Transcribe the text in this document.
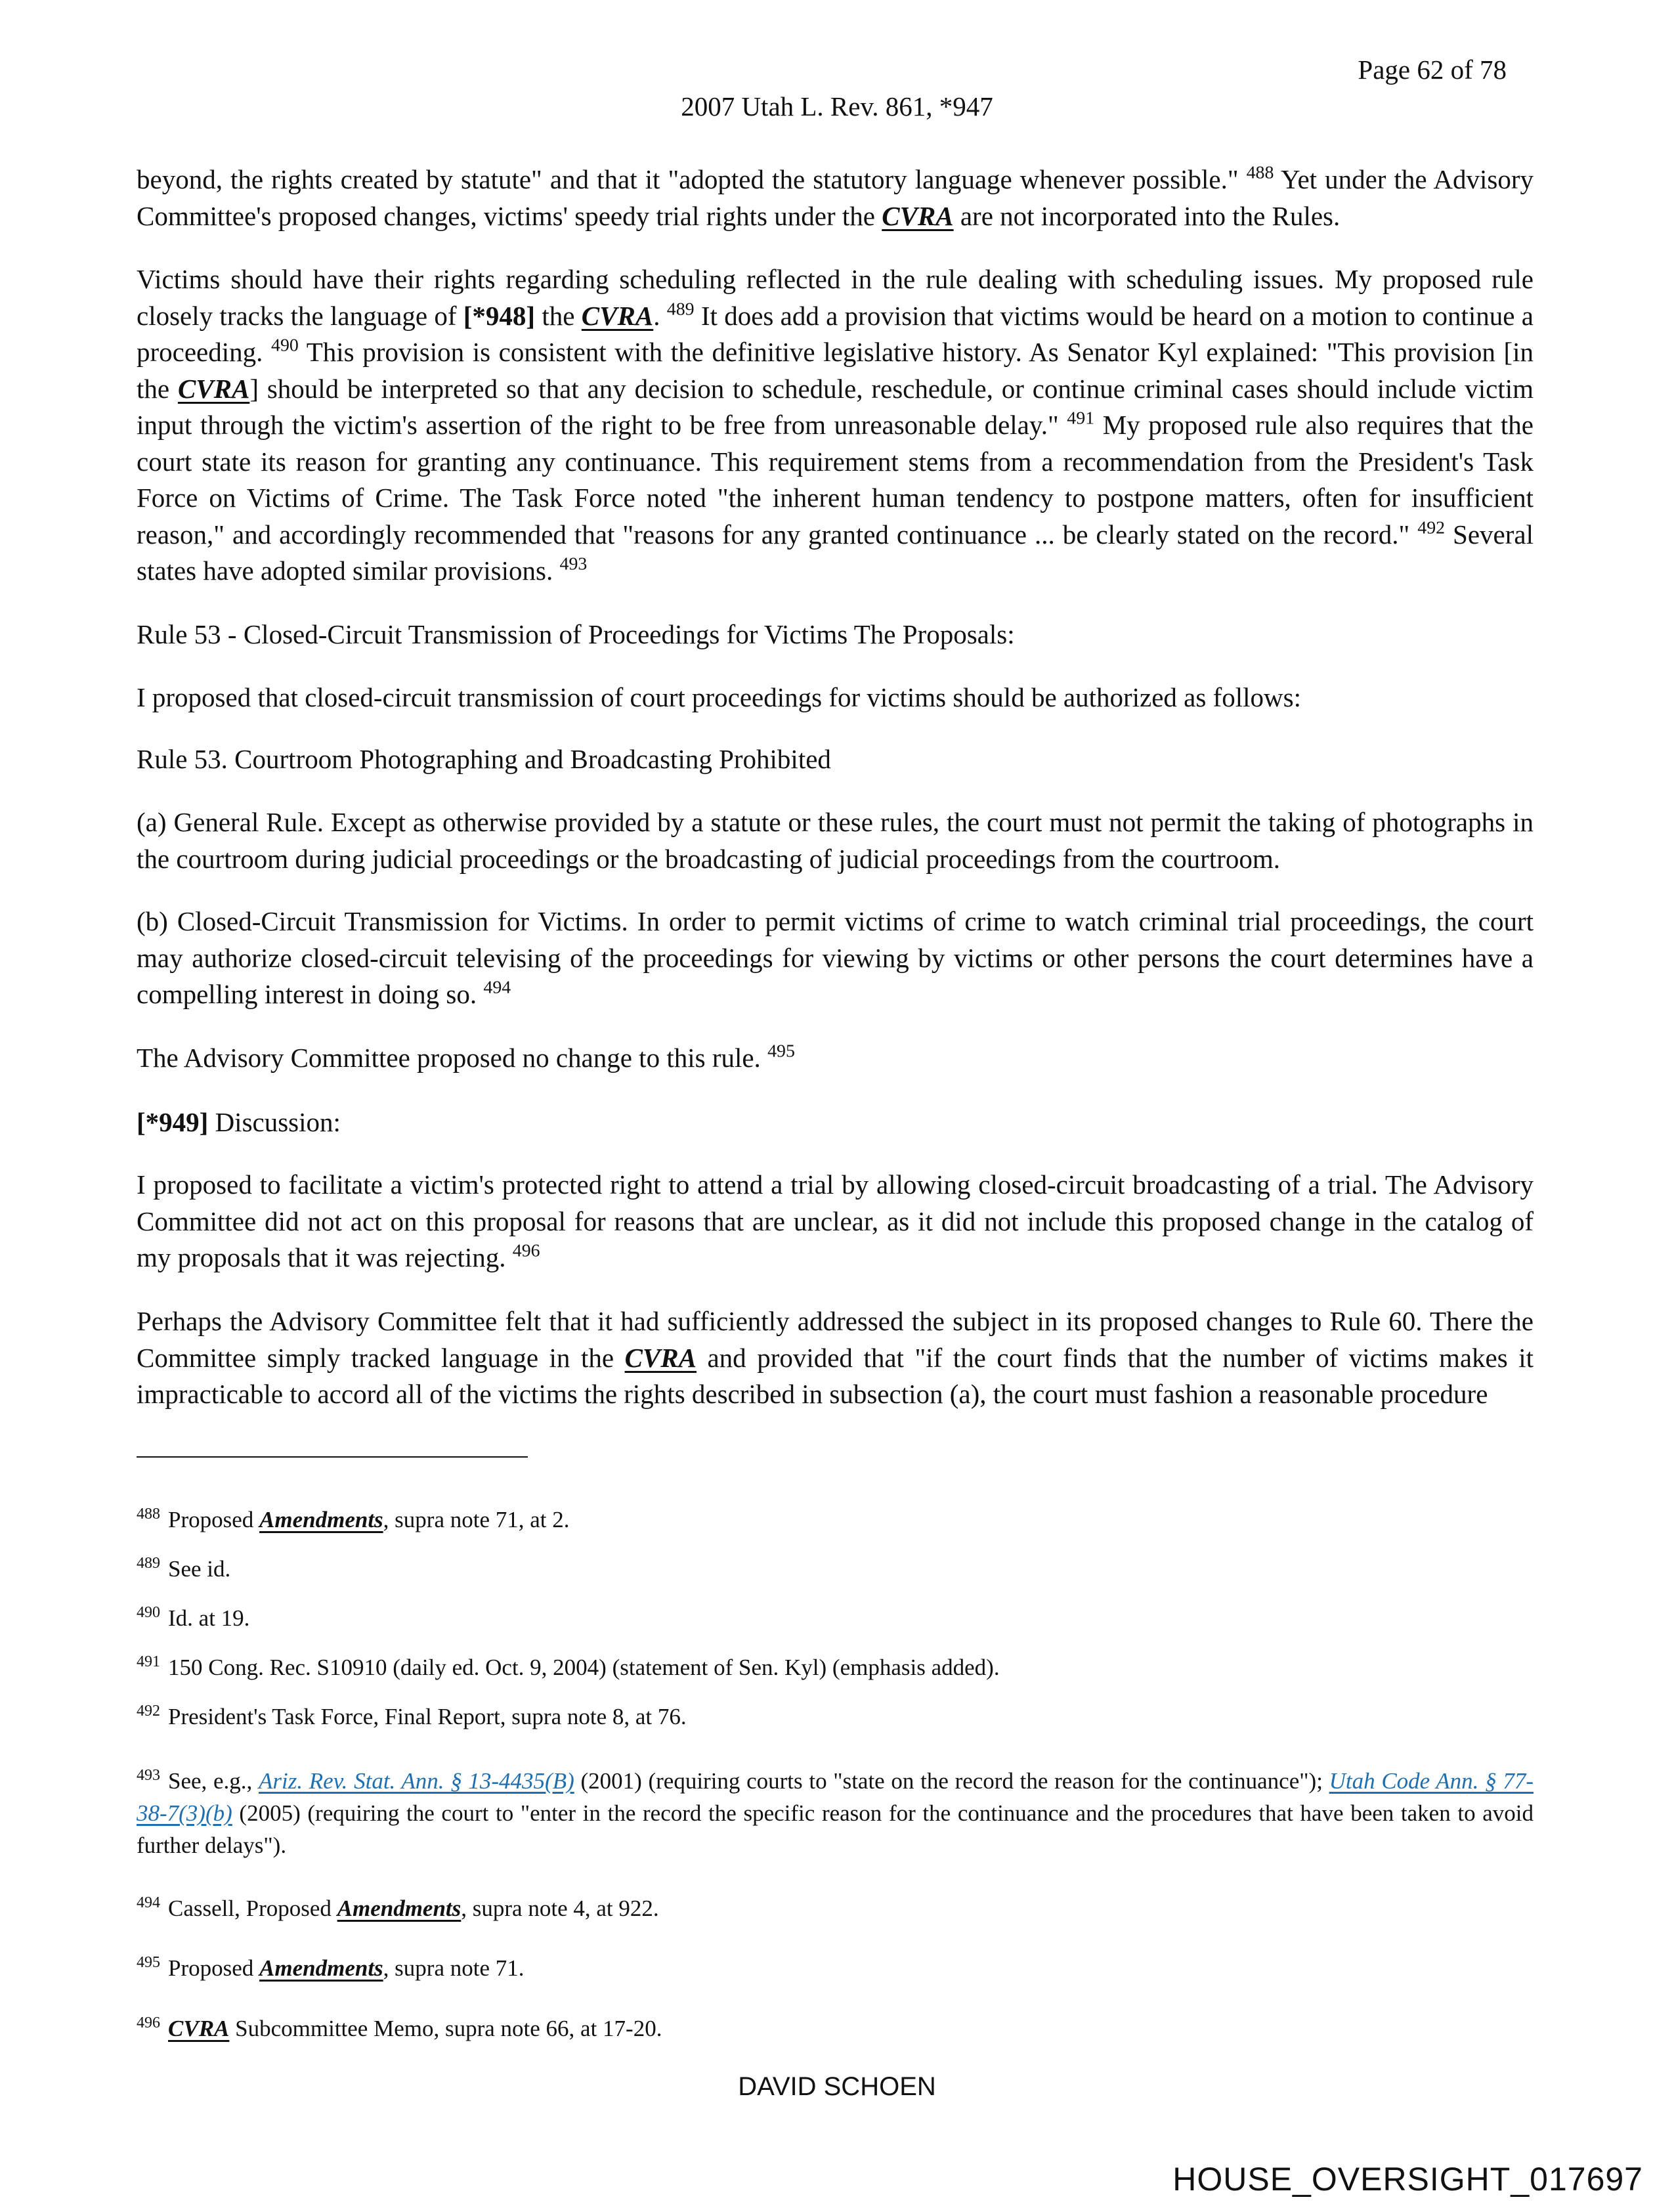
Page 62 of 78
2007 Utah L. Rev. 861, *947
beyond, the rights created by statute" and that it "adopted the statutory language whenever possible." $^{488}$ Yet under the Advisory Committee's proposed changes, victims' speedy trial rights under the CVRA are not incorporated into the Rules.
Victims should have their rights regarding scheduling reflected in the rule dealing with scheduling issues. My proposed rule closely tracks the language of [*948] the CVRA. $^{489}$ It does add a provision that victims would be heard on a motion to continue a proceeding. $^{490}$ This provision is consistent with the definitive legislative history. As Senator Kyl explained: "This provision [in the CVRA] should be interpreted so that any decision to schedule, reschedule, or continue criminal cases should include victim input through the victim's assertion of the right to be free from unreasonable delay." $^{491}$ My proposed rule also requires that the court state its reason for granting any continuance. This requirement stems from a recommendation from the President's Task Force on Victims of Crime. The Task Force noted "the inherent human tendency to postpone matters, often for insufficient reason," and accordingly recommended that "reasons for any granted continuance ... be clearly stated on the record." $^{492}$ Several states have adopted similar provisions. $^{493}$
Rule 53 - Closed-Circuit Transmission of Proceedings for Victims The Proposals:
I proposed that closed-circuit transmission of court proceedings for victims should be authorized as follows:
Rule 53. Courtroom Photographing and Broadcasting Prohibited
(a) General Rule. Except as otherwise provided by a statute or these rules, the court must not permit the taking of photographs in the courtroom during judicial proceedings or the broadcasting of judicial proceedings from the courtroom.
(b) Closed-Circuit Transmission for Victims. In order to permit victims of crime to watch criminal trial proceedings, the court may authorize closed-circuit televising of the proceedings for viewing by victims or other persons the court determines have a compelling interest in doing so. $^{494}$
The Advisory Committee proposed no change to this rule. $^{495}$
[*949] Discussion:
I proposed to facilitate a victim's protected right to attend a trial by allowing closed-circuit broadcasting of a trial. The Advisory Committee did not act on this proposal for reasons that are unclear, as it did not include this proposed change in the catalog of my proposals that it was rejecting. $^{496}$
Perhaps the Advisory Committee felt that it had sufficiently addressed the subject in its proposed changes to Rule 60. There the Committee simply tracked language in the CVRA and provided that "if the court finds that the number of victims makes it impracticable to accord all of the victims the rights described in subsection (a), the court must fashion a reasonable procedure
$^{488}$ Proposed Amendments, supra note 71, at 2.
$^{489}$ See id.
$^{490}$ Id. at 19.
$^{491}$ 150 Cong. Rec. S10910 (daily ed. Oct. 9, 2004) (statement of Sen. Kyl) (emphasis added).
$^{492}$ President's Task Force, Final Report, supra note 8, at 76.
$^{493}$ See, e.g., Ariz. Rev. Stat. Ann. § 13-4435(B) (2001) (requiring courts to "state on the record the reason for the continuance"); Utah Code Ann. § 77-38-7(3)(b) (2005) (requiring the court to "enter in the record the specific reason for the continuance and the procedures that have been taken to avoid further delays").
$^{494}$ Cassell, Proposed Amendments, supra note 4, at 922.
$^{495}$ Proposed Amendments, supra note 71.
$^{496}$ CVRA Subcommittee Memo, supra note 66, at 17-20.
DAVID SCHOEN
HOUSE_OVERSIGHT_017697
